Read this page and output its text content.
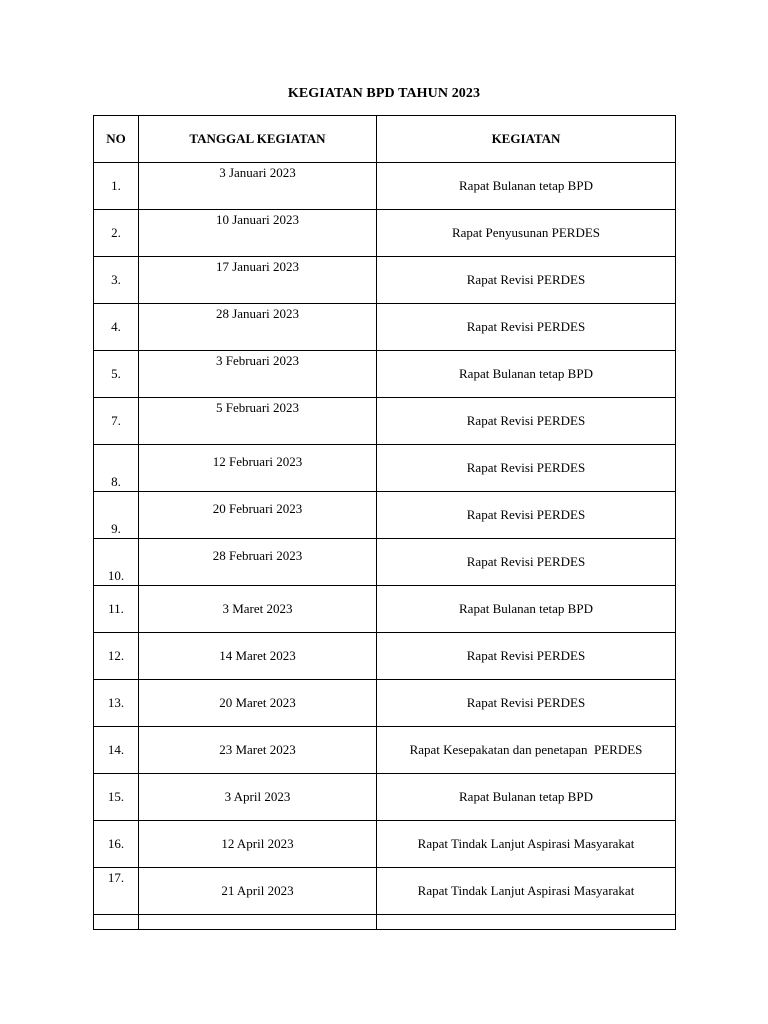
KEGIATAN BPD TAHUN 2023
NO	TANGGAL KEGIATAN	KEGIATAN

1.	3 Januari 2023	Rapat Bulanan tetap BPD

2.	10 Januari 2023	Rapat Penyusunan PERDES

3.	17 Januari 2023	Rapat Revisi PERDES

4.	28 Januari 2023	Rapat Revisi PERDES

5.	3 Februari 2023	Rapat Bulanan tetap BPD

7.	5 Februari 2023	Rapat Revisi PERDES

8.	12 Februari 2023	Rapat Revisi PERDES

9.	20 Februari 2023	Rapat Revisi PERDES

10.	28 Februari 2023	Rapat Revisi PERDES
11.	3 Maret 2023	Rapat Bulanan tetap BPD
12.	14 Maret 2023	Rapat Revisi PERDES
13.	20 Maret 2023	Rapat Revisi PERDES
14.	23 Maret 2023	Rapat Kesepakatan dan penetapan  PERDES
15.	3 April 2023	Rapat Bulanan tetap BPD
16.	12 April 2023	Rapat Tindak Lanjut Aspirasi Masyarakat

17.	21 April 2023	Rapat Tindak Lanjut Aspirasi Masyarakat
